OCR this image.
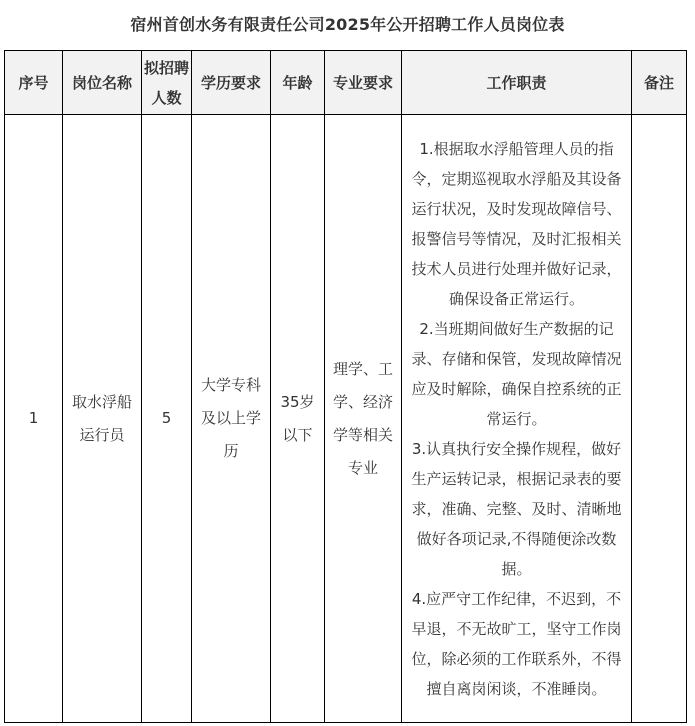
宿州首创水务有限责任公司2025年公开招聘工作人员岗位表
序号	岗位名称	拟招聘人数	学历要求	年龄	专业要求	工作职责	备注
1	取水浮船运行员	5	大学专科及以上学历	35岁以下	理学、工学、经济学等相关专业	1.根据取水浮船管理人员的指令，定期巡视取水浮船及其设备运行状况，及时发现故障信号、报警信号等情况，及时汇报相关技术人员进行处理并做好记录，确保设备正常运行。
2.当班期间做好生产数据的记录、存储和保管，发现故障情况应及时解除，确保自控系统的正常运行。
3.认真执行安全操作规程，做好生产运转记录，根据记录表的要求，准确、完整、及时、清晰地做好各项记录,不得随便涂改数据。
4.应严守工作纪律，不迟到，不早退，不无故旷工，坚守工作岗位，除必须的工作联系外，不得擅自离岗闲谈，不准睡岗。	
